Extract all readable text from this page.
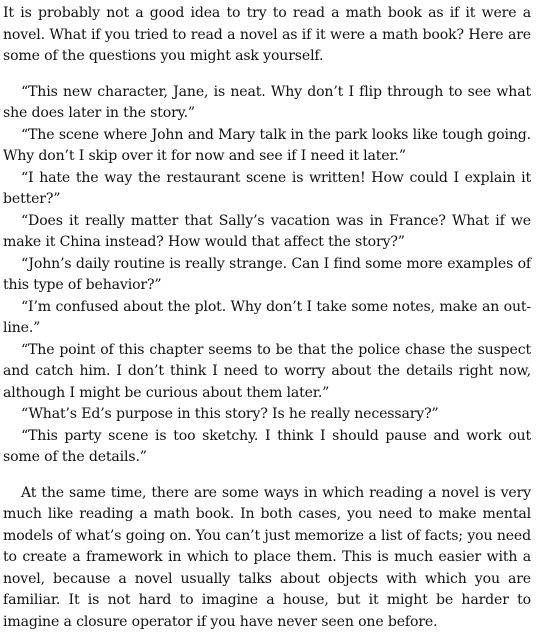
It is probably not a good idea to try to read a math book as if it were a novel. What if you tried to read a novel as if it were a math book? Here are some of the questions you might ask yourself.

“This new character, Jane, is neat. Why don’t I flip through to see what she does later in the story.”

“The scene where John and Mary talk in the park looks like tough going. Why don’t I skip over it for now and see if I need it later.”

“I hate the way the restaurant scene is written! How could I explain it better?”

“Does it really matter that Sally’s vacation was in France? What if we make it China instead? How would that affect the story?”

“John’s daily routine is really strange. Can I find some more examples of this type of behavior?”

“I’m confused about the plot. Why don’t I take some notes, make an out-line.”

“The point of this chapter seems to be that the police chase the suspect and catch him. I don’t think I need to worry about the details right now, although I might be curious about them later.”

“What’s Ed’s purpose in this story? Is he really necessary?”

“This party scene is too sketchy. I think I should pause and work out some of the details.”

At the same time, there are some ways in which reading a novel is very much like reading a math book. In both cases, you need to make mental models of what’s going on. You can’t just memorize a list of facts; you need to create a framework in which to place them. This is much easier with a novel, because a novel usually talks about objects with which you are familiar. It is not hard to imagine a house, but it might be harder to imagine a closure operator if you have never seen one before.
